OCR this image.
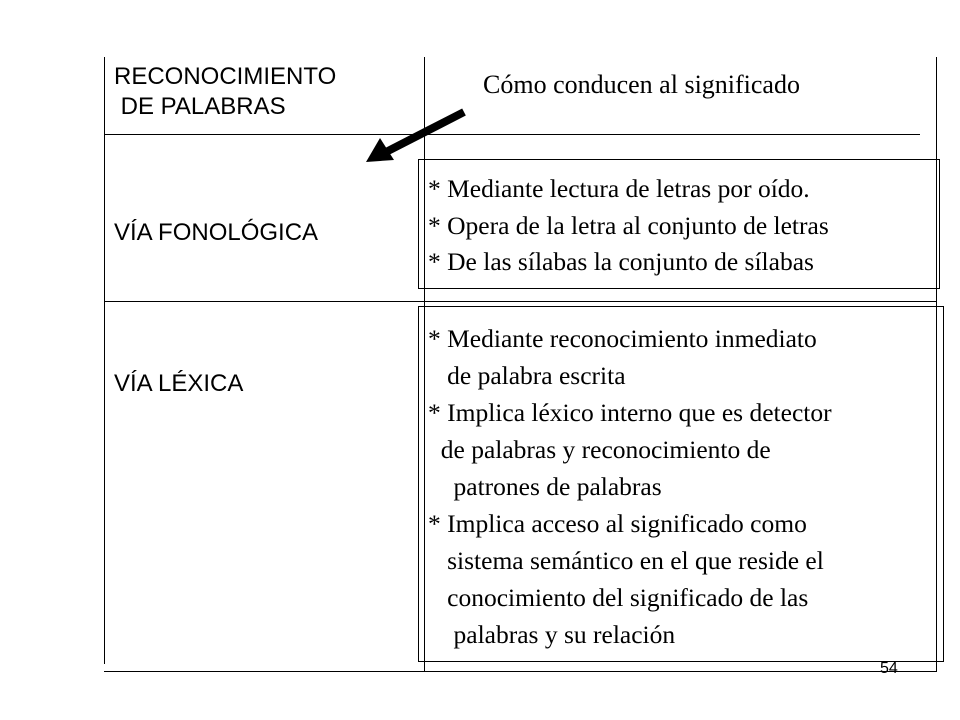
RECONOCIMIENTO
DE PALABRAS
Cómo conducen al significado
VÍA FONOLÓGICA
* Mediante lectura de letras por oído.
* Opera de la letra al conjunto de letras
* De las sílabas la conjunto de sílabas
VÍA LÉXICA
* Mediante reconocimiento inmediato
de palabra escrita
* Implica léxico interno que es detector
de palabras y reconocimiento de
patrones de palabras
* Implica acceso al significado como
sistema semántico en el que reside el
conocimiento del significado de las
palabras y su relación
54
